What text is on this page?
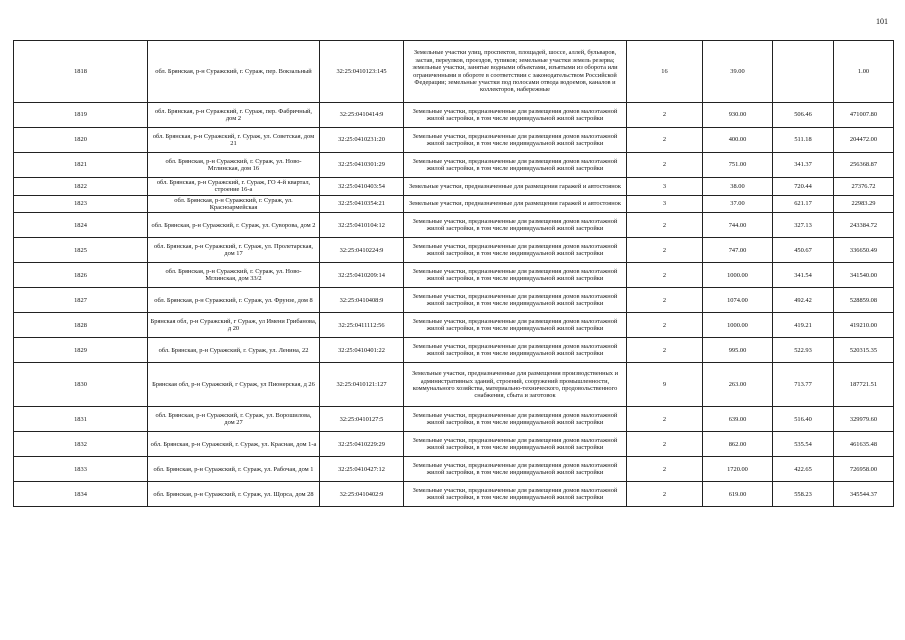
101
1818	обл. Брянская, р-н Суражский, г. Сураж, пер. Вокзальный	32:25:0410123:145	Земельные участки улиц, проспектов, площадей, шоссе, аллей, бульваров, застав, переулков, проездов, тупиков; земельные участки земель резерва; земельные участки, занятые водными объектами, изъятыми из оборота или ограниченными в обороте в соответствии с законодательством Российской Федерации; земельные участки под полосами отвода водоемов, каналов и коллекторов, набережные	16	39.00		1.00
1819	обл. Брянская, р-н Суражский, г. Сураж, пер. Фабричный, дом 2	32:25:0410414:9	Земельные участки, предназначенные для размещения домов малоэтажной жилой застройки, в том числе индивидуальной жилой застройки	2	930.00	506.46	471007.80
1820	обл. Брянская, р-н Суражский, г. Сураж, ул. Советская, дом 21	32:25:0410231:20	Земельные участки, предназначенные для размещения домов малоэтажной жилой застройки, в том числе индивидуальной жилой застройки	2	400.00	511.18	204472.00
1821	обл. Брянская, р-н Суражский, г. Сураж, ул. Ново-Мглинская, дом 16	32:25:0410301:29	Земельные участки, предназначенные для размещения домов малоэтажной жилой застройки, в том числе индивидуальной жилой застройки	2	751.00	341.37	256368.87
1822	обл. Брянская, р-н Суражский, г. Сураж, ГО 4-й квартал, строение 16-а	32:25:0410403:54	Земельные участки, предназначенные для размещения гаражей и автостоянок	3	38.00	720.44	27376.72
1823	обл. Брянская, р-н Суражский, г. Сураж, ул. Красноармейская	32:25:0410354:21	Земельные участки, предназначенные для размещения гаражей и автостоянок	3	37.00	621.17	22983.29
1824	обл. Брянская, р-н Суражский, г. Сураж, ул. Суворова, дом 2	32:25:0410104:12	Земельные участки, предназначенные для размещения домов малоэтажной жилой застройки, в том числе индивидуальной жилой застройки	2	744.00	327.13	243384.72
1825	обл. Брянская, р-н Суражский, г. Сураж, ул. Пролетарская, дом 17	32:25:0410224:9	Земельные участки, предназначенные для размещения домов малоэтажной жилой застройки, в том числе индивидуальной жилой застройки	2	747.00	450.67	336650.49
1826	обл. Брянская, р-н Суражский, г. Сураж, ул. Ново-Мглинская, дом 33/2	32:25:0410209:14	Земельные участки, предназначенные для размещения домов малоэтажной жилой застройки, в том числе индивидуальной жилой застройки	2	1000.00	341.54	341540.00
1827	обл. Брянская, р-н Суражский, г. Сураж, ул. Фрунзе, дом 8	32:25:0410408:9	Земельные участки, предназначенные для размещения домов малоэтажной жилой застройки, в том числе индивидуальной жилой застройки	2	1074.00	492.42	528859.08
1828	Брянская обл, р-н Суражский, г Сураж, ул Имени Грибанова, д 20	32:25:0411112:56	Земельные участки, предназначенные для размещения домов малоэтажной жилой застройки, в том числе индивидуальной жилой застройки	2	1000.00	419.21	419210.00
1829	обл. Брянская, р-н Суражский, г. Сураж, ул. Ленина, 22	32:25:0410401:22	Земельные участки, предназначенные для размещения домов малоэтажной жилой застройки, в том числе индивидуальной жилой застройки	2	995.00	522.93	520315.35
1830	Брянская обл, р-н Суражский, г Сураж, ул Пионерская, д 26	32:25:0410121:127	Земельные участки, предназначенные для размещения производственных и административных зданий, строений, сооружений промышленности, коммунального хозяйства, материально-технического, продовольственного снабжения, сбыта и заготовок	9	263.00	713.77	187721.51
1831	обл. Брянская, р-н Суражский, г. Сураж, ул. Ворошилова, дом 27	32:25:0410127:5	Земельные участки, предназначенные для размещения домов малоэтажной жилой застройки, в том числе индивидуальной жилой застройки	2	639.00	516.40	329979.60
1832	обл. Брянская, р-н Суражский, г. Сураж, ул. Красная, дом 1-а	32:25:0410229:29	Земельные участки, предназначенные для размещения домов малоэтажной жилой застройки, в том числе индивидуальной жилой застройки	2	862.00	535.54	461635.48
1833	обл. Брянская, р-н Суражский, г. Сураж, ул. Рабочая, дом 1	32:25:0410427:12	Земельные участки, предназначенные для размещения домов малоэтажной жилой застройки, в том числе индивидуальной жилой застройки	2	1720.00	422.65	726958.00
1834	обл. Брянская, р-н Суражский, г. Сураж, ул. Щорса, дом 28	32:25:0410402:9	Земельные участки, предназначенные для размещения домов малоэтажной жилой застройки, в том числе индивидуальной жилой застройки	2	619.00	558.23	345544.37
